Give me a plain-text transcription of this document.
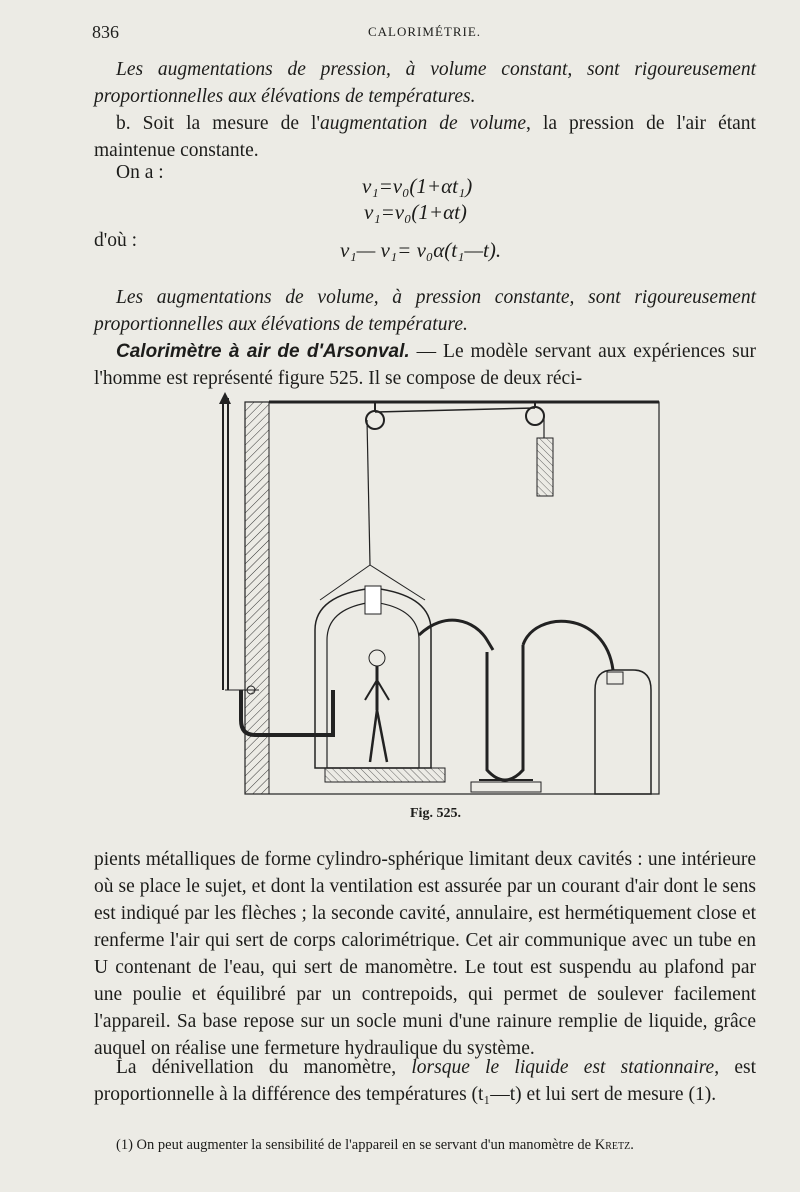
836	CALORIMÉTRIE.
Les augmentations de pression, à volume constant, sont rigoureusement proportionnelles aux élévations de températures.
b. Soit la mesure de l'augmentation de volume, la pression de l'air étant maintenue constante.
On a :
v₁=v₀(1+αt₁)
v₁=v₀(1+αt)
d'où :	v₁— v₁= v₀α(t₁—t).
Les augmentations de volume, à pression constante, sont rigoureusement proportionnelles aux élévations de température.
Calorimètre à air de d'Arsonval. — Le modèle servant aux expériences sur l'homme est représenté figure 525. Il se compose de deux réci-
Fig. 525.
pients métalliques de forme cylindro-sphérique limitant deux cavités : une intérieure où se place le sujet, et dont la ventilation est assurée par un courant d'air dont le sens est indiqué par les flèches ; la seconde cavité, annulaire, est hermétiquement close et renferme l'air qui sert de corps calorimétrique. Cet air communique avec un tube en U contenant de l'eau, qui sert de manomètre. Le tout est suspendu au plafond par une poulie et équilibré par un contrepoids, qui permet de soulever facilement l'appareil. Sa base repose sur un socle muni d'une rainure remplie de liquide, grâce auquel on réalise une fermeture hydraulique du système.
La dénivellation du manomètre, lorsque le liquide est stationnaire, est proportionnelle à la différence des températures (t₁—t) et lui sert de mesure (1).
(1) On peut augmenter la sensibilité de l'appareil en se servant d'un manomètre de Kretz.
